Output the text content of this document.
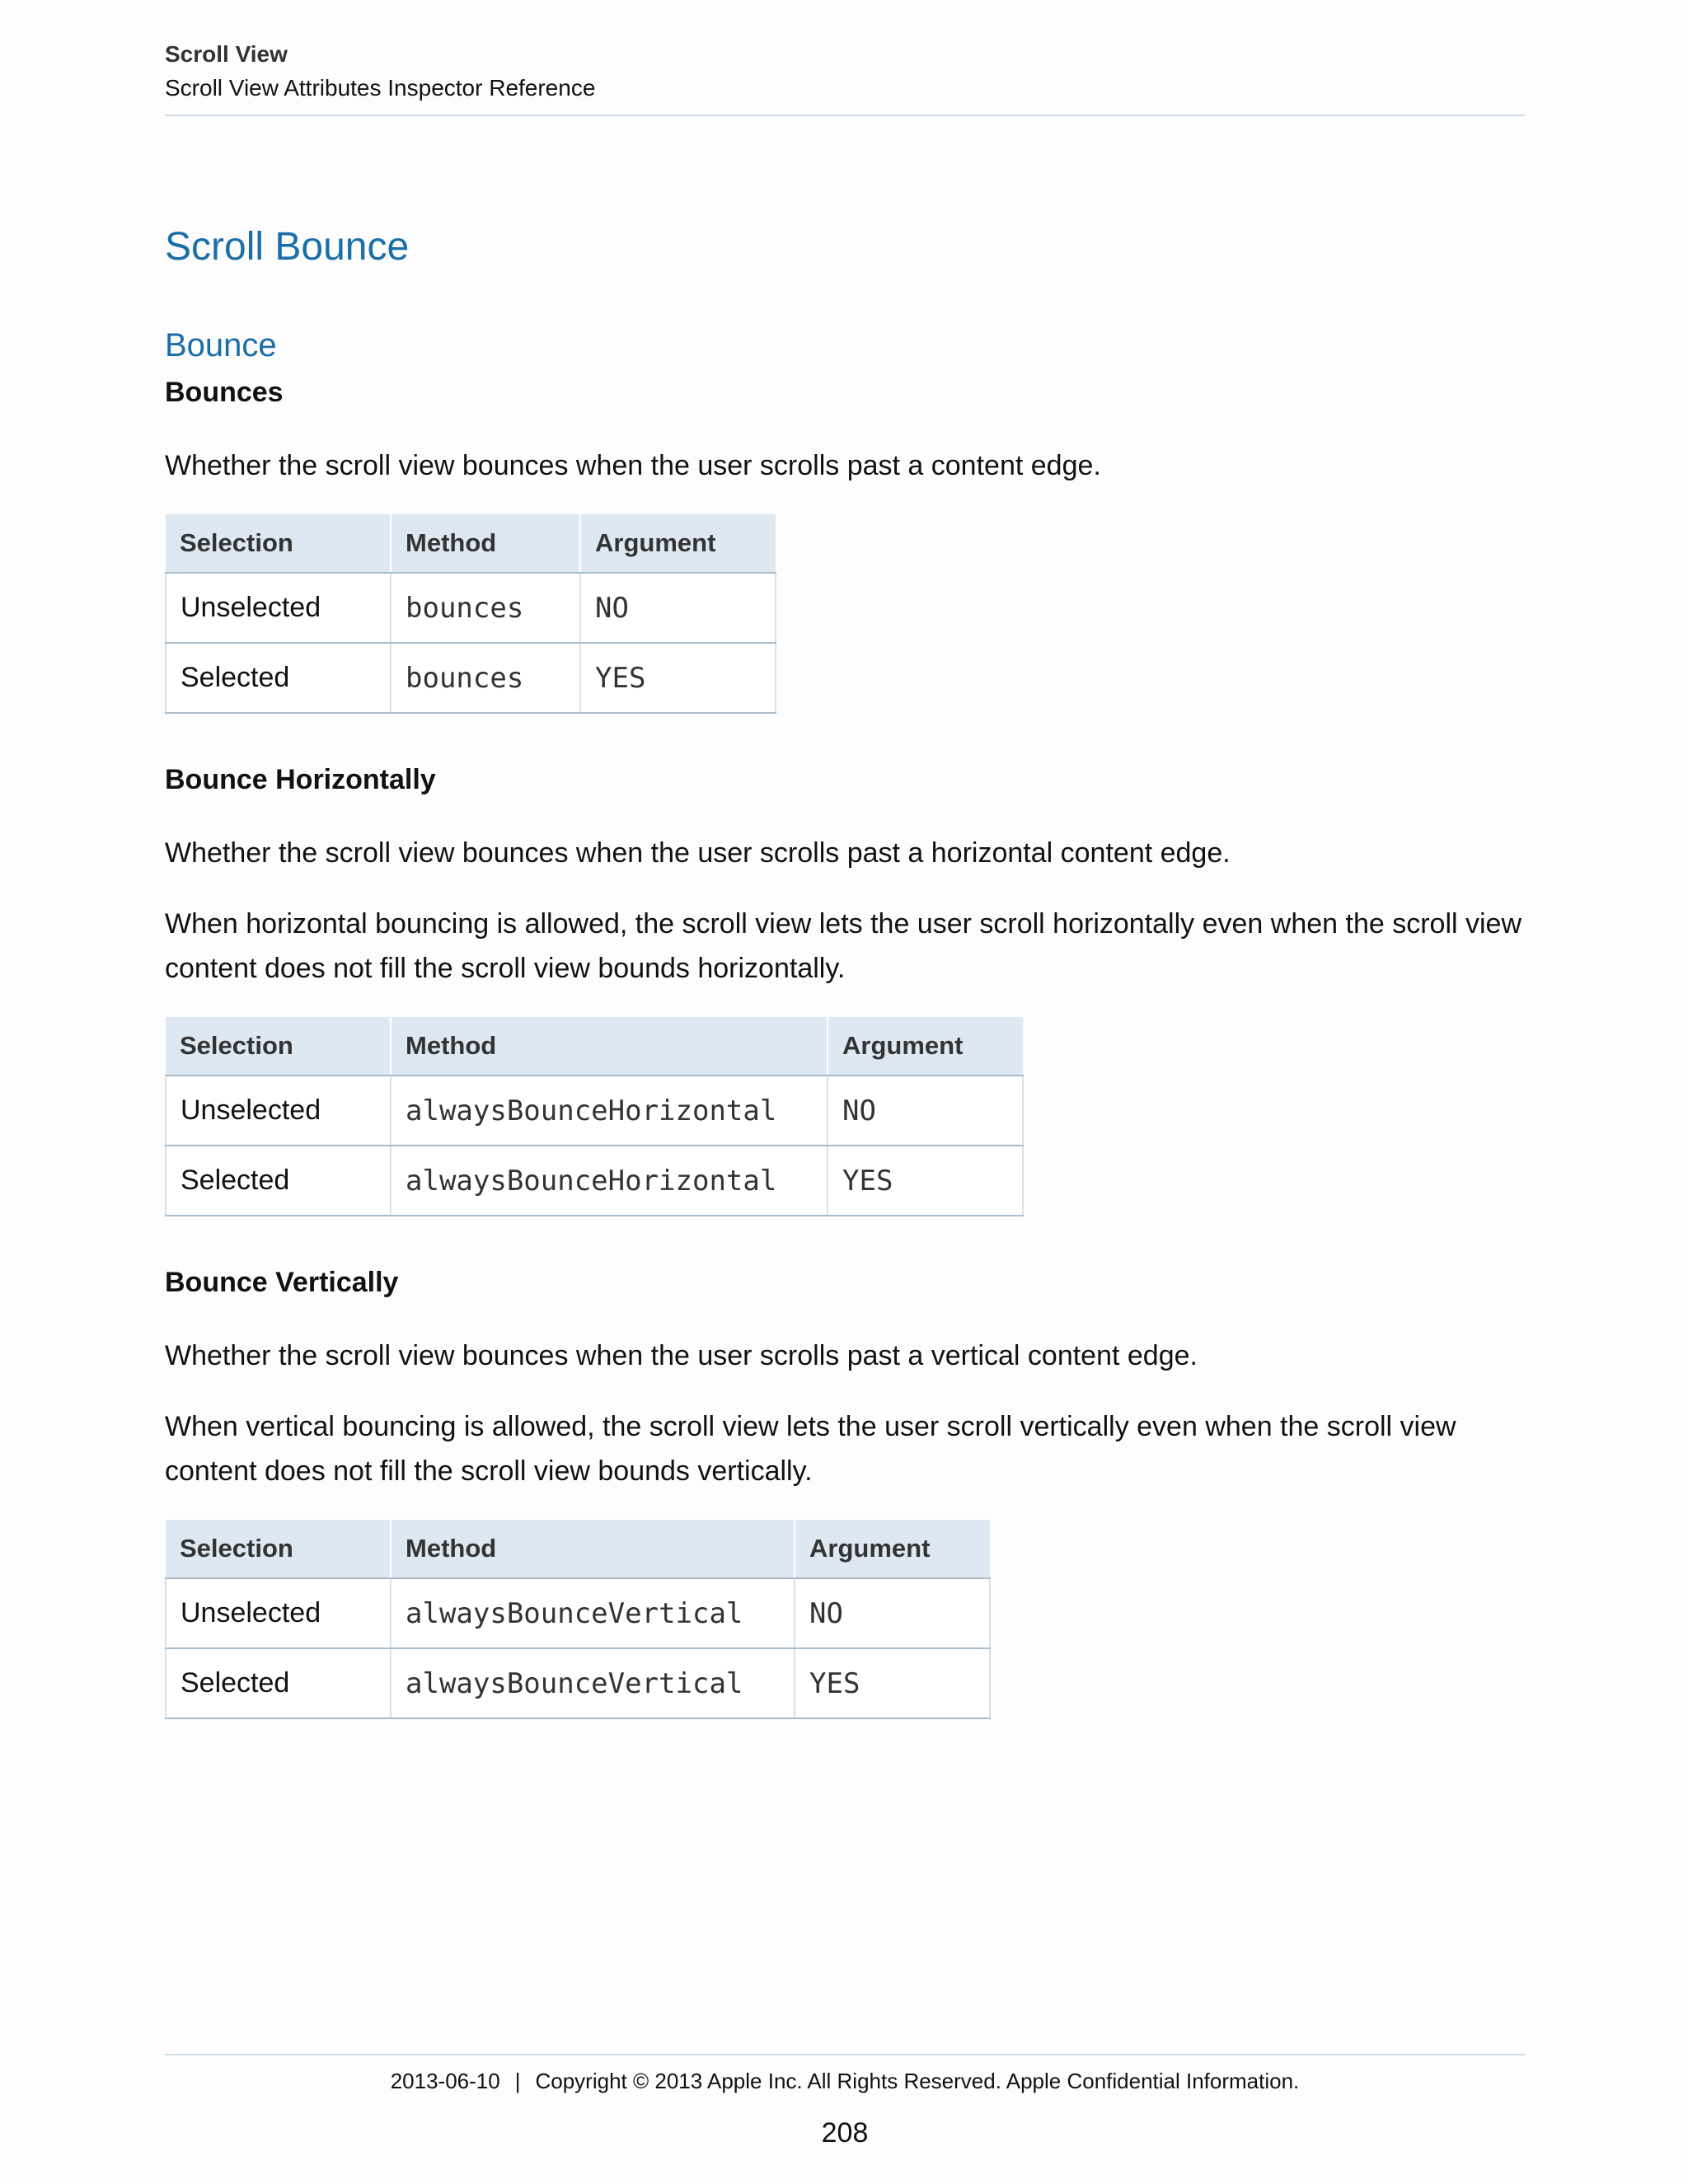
Scroll View
Scroll View Attributes Inspector Reference
Scroll Bounce
Bounce
Bounces
Whether the scroll view bounces when the user scrolls past a content edge.
Selection	Method	Argument
Unselected	bounces	NO
Selected	bounces	YES
Bounce Horizontally
Whether the scroll view bounces when the user scrolls past a horizontal content edge.
When horizontal bouncing is allowed, the scroll view lets the user scroll horizontally even when the scroll view content does not fill the scroll view bounds horizontally.
Selection	Method	Argument
Unselected	alwaysBounceHorizontal	NO
Selected	alwaysBounceHorizontal	YES
Bounce Vertically
Whether the scroll view bounces when the user scrolls past a vertical content edge.
When vertical bouncing is allowed, the scroll view lets the user scroll vertically even when the scroll view content does not fill the scroll view bounds vertically.
Selection	Method	Argument
Unselected	alwaysBounceVertical	NO
Selected	alwaysBounceVertical	YES
2013-06-10 | Copyright © 2013 Apple Inc. All Rights Reserved. Apple Confidential Information.
208
